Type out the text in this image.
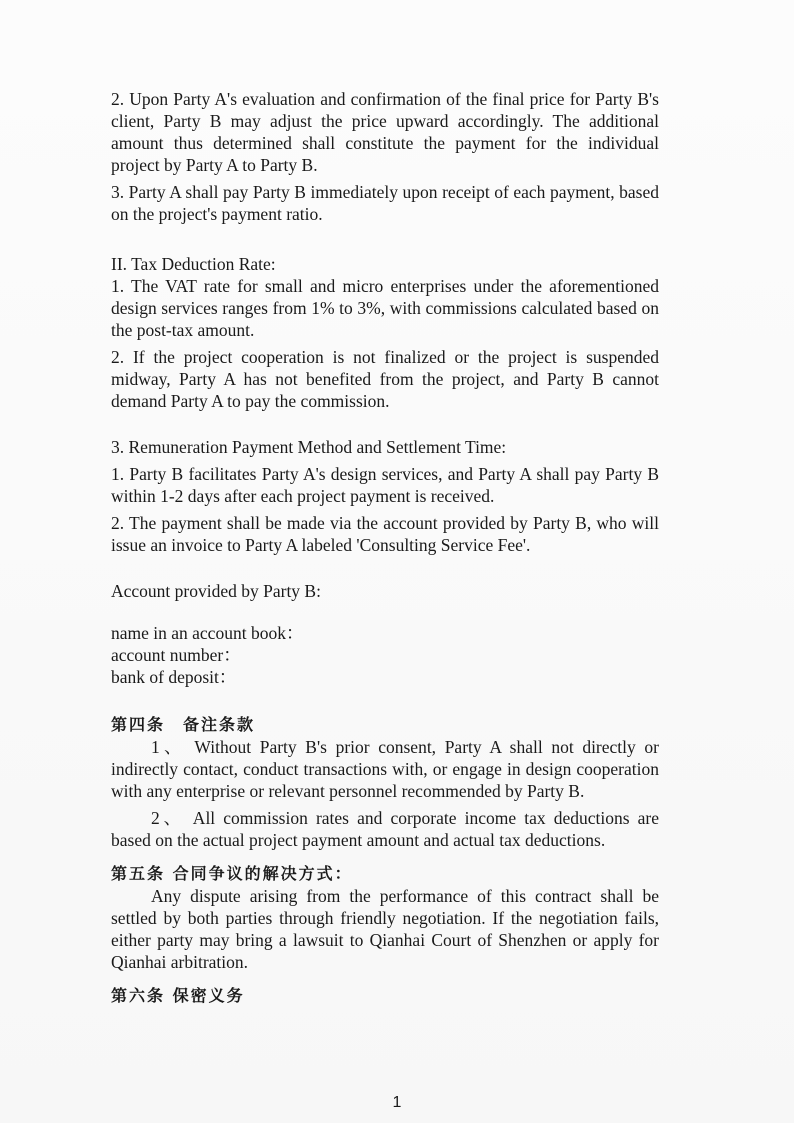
2. Upon Party A's evaluation and confirmation of the final price for Party B's client, Party B may adjust the price upward accordingly. The additional amount thus determined shall constitute the payment for the individual project by Party A to Party B.

3. Party A shall pay Party B immediately upon receipt of each payment, based on the project's payment ratio.

II. Tax Deduction Rate:

1. The VAT rate for small and micro enterprises under the aforementioned design services ranges from 1% to 3%, with commissions calculated based on the post-tax amount.

2. If the project cooperation is not finalized or the project is suspended midway, Party A has not benefited from the project, and Party B cannot demand Party A to pay the commission.

3. Remuneration Payment Method and Settlement Time:

1. Party B facilitates Party A's design services, and Party A shall pay Party B within 1-2 days after each project payment is received.

2. The payment shall be made via the account provided by Party B, who will issue an invoice to Party A labeled 'Consulting Service Fee'.

Account provided by Party B:

name in an account book：

account number：

bank of deposit：

第四条　备注条款

1、 Without Party B's prior consent, Party A shall not directly or indirectly contact, conduct transactions with, or engage in design cooperation with any enterprise or relevant personnel recommended by Party B.

2、 All commission rates and corporate income tax deductions are based on the actual project payment amount and actual tax deductions.

第五条 合同争议的解决方式：

Any dispute arising from the performance of this contract shall be settled by both parties through friendly negotiation. If the negotiation fails, either party may bring a lawsuit to Qianhai Court of Shenzhen or apply for Qianhai arbitration.

第六条 保密义务

1
